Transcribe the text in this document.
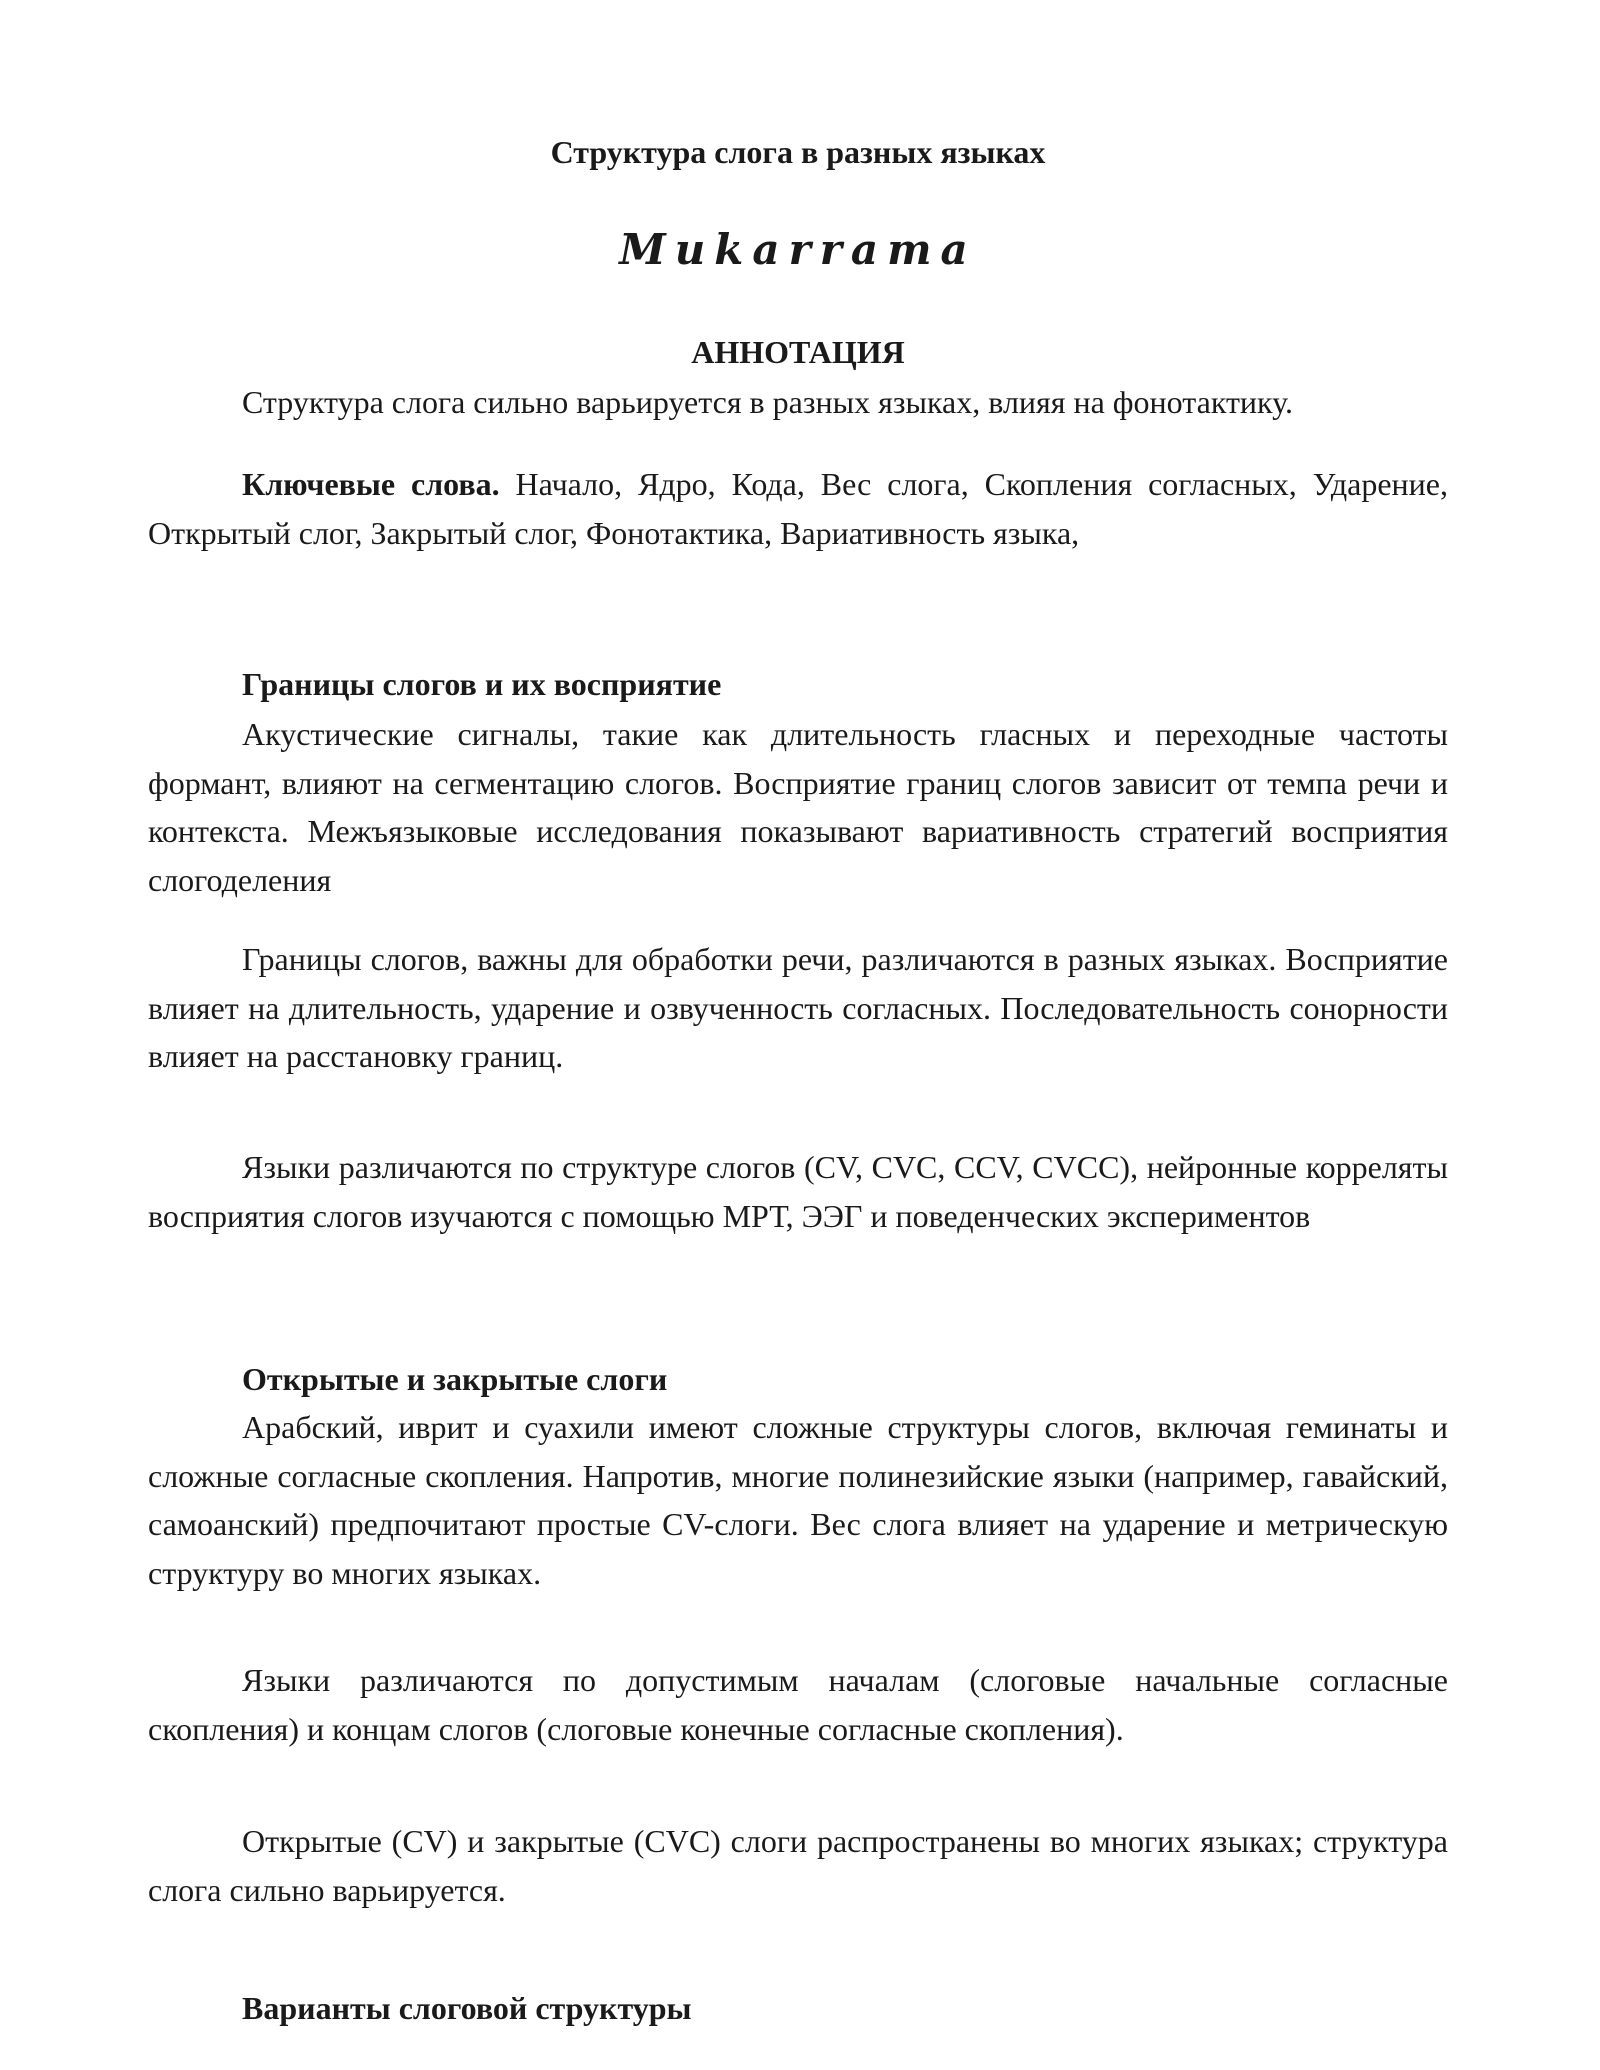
Структура слога в разных языках
Mukarrama
АННОТАЦИЯ

Структура слога сильно варьируется в разных языках, влияя на фонотактику.

Ключевые слова. Начало, Ядро, Кода, Вес слога, Скопления согласных, Ударение, Открытый слог, Закрытый слог, Фонотактика, Вариативность языка,

Границы слогов и их восприятие

Акустические сигналы, такие как длительность гласных и переходные частоты формант, влияют на сегментацию слогов. Восприятие границ слогов зависит от темпа речи и контекста. Межъязыковые исследования показывают вариативность стратегий восприятия слогоделения

Границы слогов, важны для обработки речи, различаются в разных языках. Восприятие влияет на длительность, ударение и озвученность согласных. Последовательность сонорности влияет на расстановку границ.

Языки различаются по структуре слогов (CV, CVC, CCV, CVCC), нейронные корреляты восприятия слогов изучаются с помощью МРТ, ЭЭГ и поведенческих экспериментов

Открытые и закрытые слоги

Арабский, иврит и суахили имеют сложные структуры слогов, включая геминаты и сложные согласные скопления. Напротив, многие полинезийские языки (например, гавайский, самоанский) предпочитают простые CV-слоги. Вес слога влияет на ударение и метрическую структуру во многих языках.

Языки различаются по допустимым началам (слоговые начальные согласные скопления) и концам слогов (слоговые конечные согласные скопления).

Открытые (CV) и закрытые (CVC) слоги распространены во многих языках; структура слога сильно варьируется.

Варианты слоговой структуры
